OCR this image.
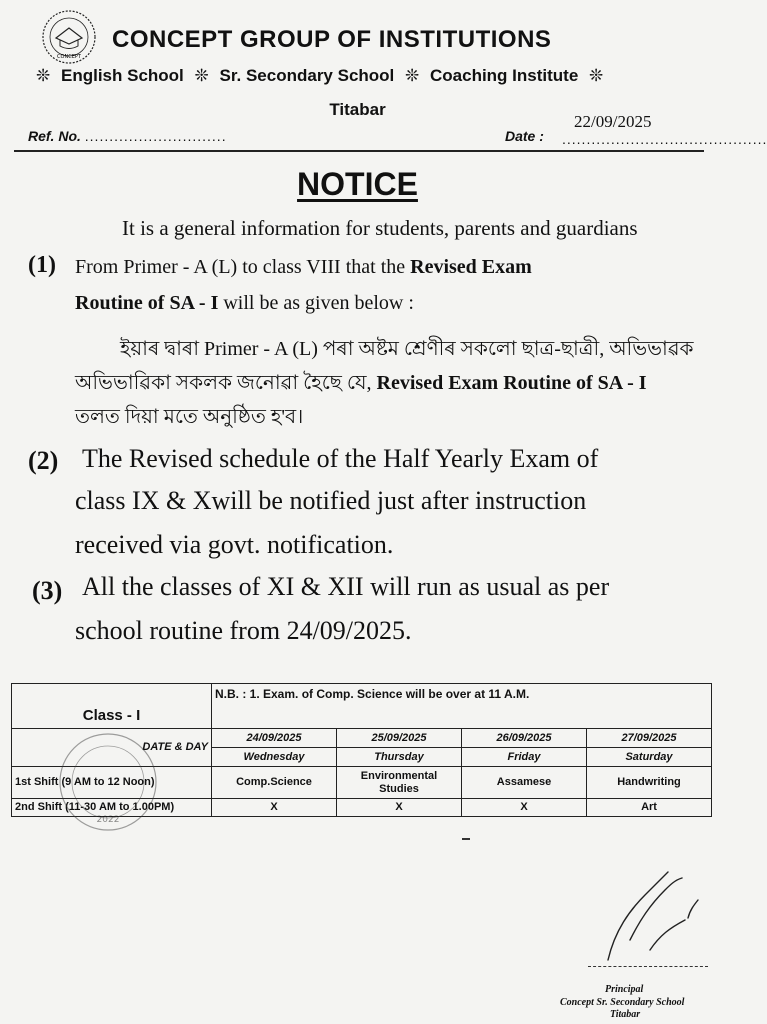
CONCEPT
CONCEPT GROUP OF INSTITUTIONS
❊ English School ❊ Sr. Secondary School ❊ Coaching Institute ❊
Titabar
Ref. No. .............................	Date : ..........................................
22/09/2025
NOTICE
It is a general information for students, parents and guardians
(1) From Primer - A (L) to class VIII that the Revised Exam
Routine of SA - I will be as given below :
ইয়াৰ দ্বাৰা Primer - A (L) পৰা অষ্টম শ্ৰেণীৰ সকলো ছাত্ৰ-ছাত্ৰী, অভিভাৱক
অভিভাৱিকা সকলক জনোৱা হৈছে যে, Revised Exam Routine of SA - I
তলত দিয়া মতে অনুষ্ঠিত হ'ব।
(2) The Revised schedule of the Half Yearly Exam of
class IX & Xwill be notified just after instruction
received via govt. notification.
(3) All the classes of XI & XII will run as usual as per
school routine from 24/09/2025.
Class - I	N.B. : 1. Exam. of Comp. Science will be over at 11 A.M.			
DATE & DAY	24/09/2025	25/09/2025	26/09/2025	27/09/2025
	Wednesday	Thursday	Friday	Saturday
1st Shift (9 AM to 12 Noon)	Comp.Science	Environmental Studies	Assamese	Handwriting
2nd Shift (11-30 AM to 1.00PM)	X	X	X	Art
2022
Principal
Concept Sr. Secondary School
Titabar
